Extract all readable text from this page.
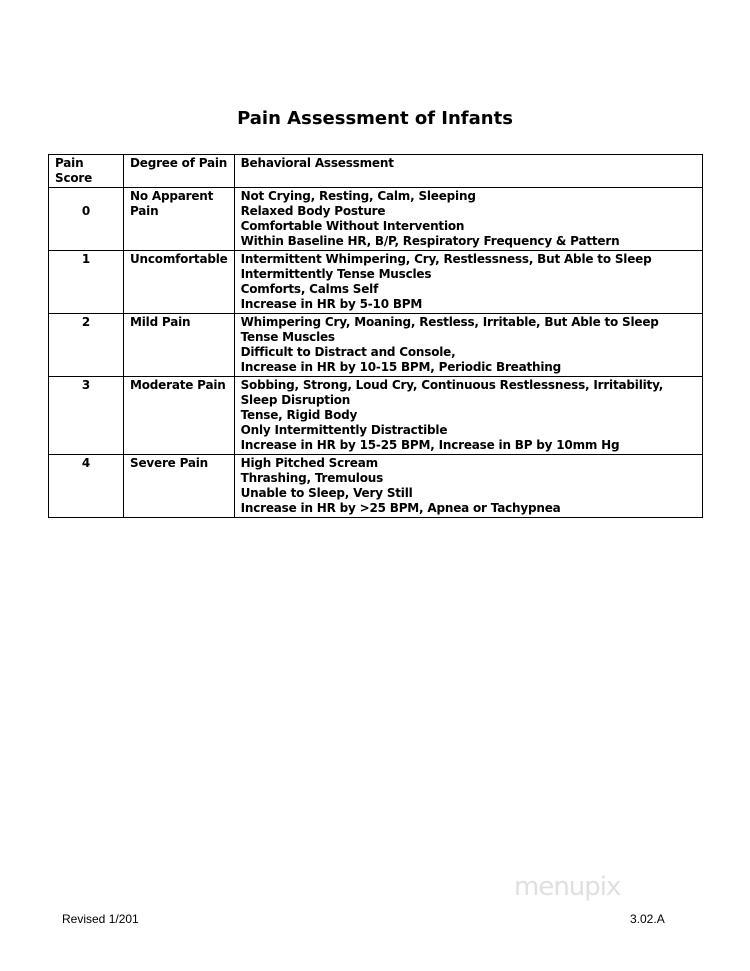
Pain Assessment of Infants
Pain Score	Degree of Pain	Behavioral Assessment

0	No Apparent Pain	Not Crying, Resting, Calm, Sleeping
Relaxed Body Posture
Comfortable Without Intervention
Within Baseline HR, B/P, Respiratory Frequency & Pattern

1	Uncomfortable	Intermittent Whimpering, Cry, Restlessness, But Able to Sleep
Intermittently Tense Muscles
Comforts, Calms Self
Increase in HR by 5-10 BPM

2	Mild Pain	Whimpering Cry, Moaning, Restless, Irritable, But Able to Sleep
Tense Muscles
Difficult to Distract and Console,
Increase in HR by 10-15 BPM, Periodic Breathing

3	Moderate Pain	Sobbing, Strong, Loud Cry, Continuous Restlessness, Irritability, Sleep Disruption
Tense, Rigid Body
Only Intermittently Distractible
Increase in HR by 15-25 BPM, Increase in BP by 10mm Hg

4	Severe Pain	High Pitched Scream
Thrashing, Tremulous
Unable to Sleep, Very Still
Increase in HR by >25 BPM, Apnea or Tachypnea
menupix
Revised 1/201	3.02.A
